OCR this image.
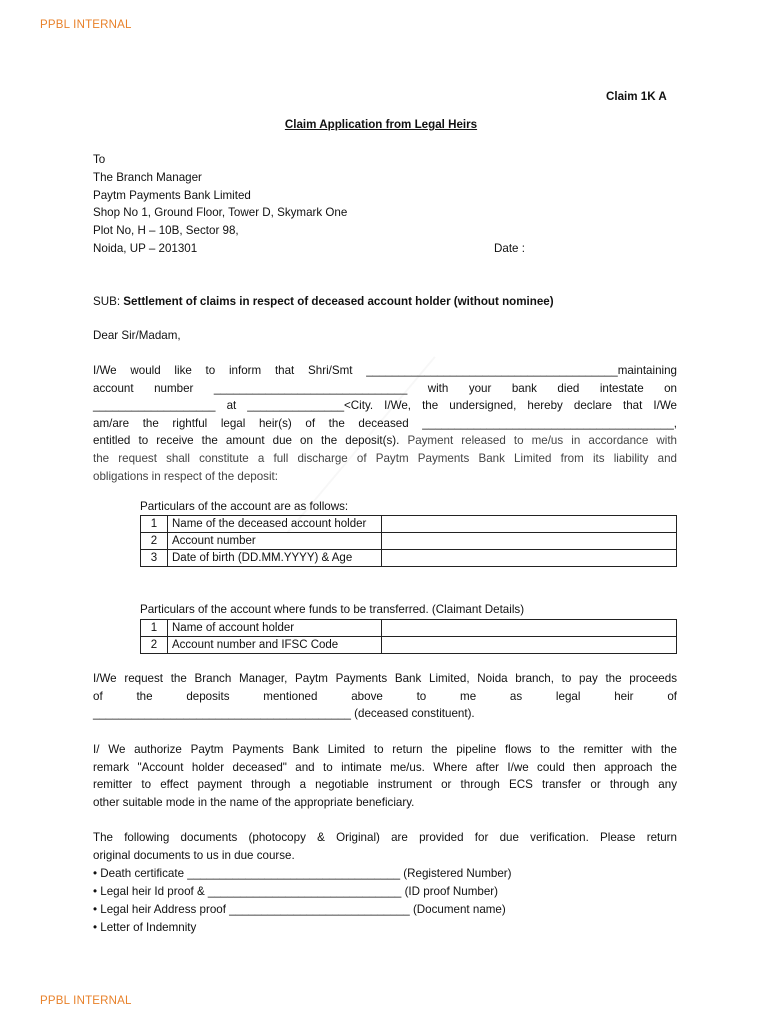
PPBL INTERNAL
Claim 1K A
Claim Application from Legal Heirs
To
The Branch Manager
Paytm Payments Bank Limited
Shop No 1, Ground Floor, Tower D, Skymark One
Plot No, H – 10B, Sector 98,
Noida, UP – 201301	Date :
SUB: Settlement of claims in respect of deceased account holder (without nominee)
Dear Sir/Madam,
I/We would like to inform that Shri/Smt _______________________________________maintaining
account number ______________________________ with your bank died intestate on
___________________ at _______________<City. I/We, the undersigned, hereby declare that I/We
am/are the rightful legal heir(s) of the deceased _______________________________________,
entitled to receive the amount due on the deposit(s). Payment released to me/us in accordance with
the request shall constitute a full discharge of Paytm Payments Bank Limited from its liability and
obligations in respect of the deposit:
Particulars of the account are as follows:
1	Name of the deceased account holder	
2	Account number	
3	Date of birth (DD.MM.YYYY) & Age	
Particulars of the account where funds to be transferred. (Claimant Details)
1	Name of account holder	
2	Account number and IFSC Code	
I/We request the Branch Manager, Paytm Payments Bank Limited, Noida branch, to pay the proceeds
of the deposits mentioned above to me as legal heir of
________________________________________ (deceased constituent).
I/ We authorize Paytm Payments Bank Limited to return the pipeline flows to the remitter with the
remark "Account holder deceased" and to intimate me/us. Where after I/we could then approach the
remitter to effect payment through a negotiable instrument or through ECS transfer or through any
other suitable mode in the name of the appropriate beneficiary.
The following documents (photocopy & Original) are provided for due verification. Please return
original documents to us in due course.
• Death certificate _________________________________ (Registered Number)
• Legal heir Id proof & ______________________________ (ID proof Number)
• Legal heir Address proof ____________________________ (Document name)
• Letter of Indemnity
PPBL INTERNAL
